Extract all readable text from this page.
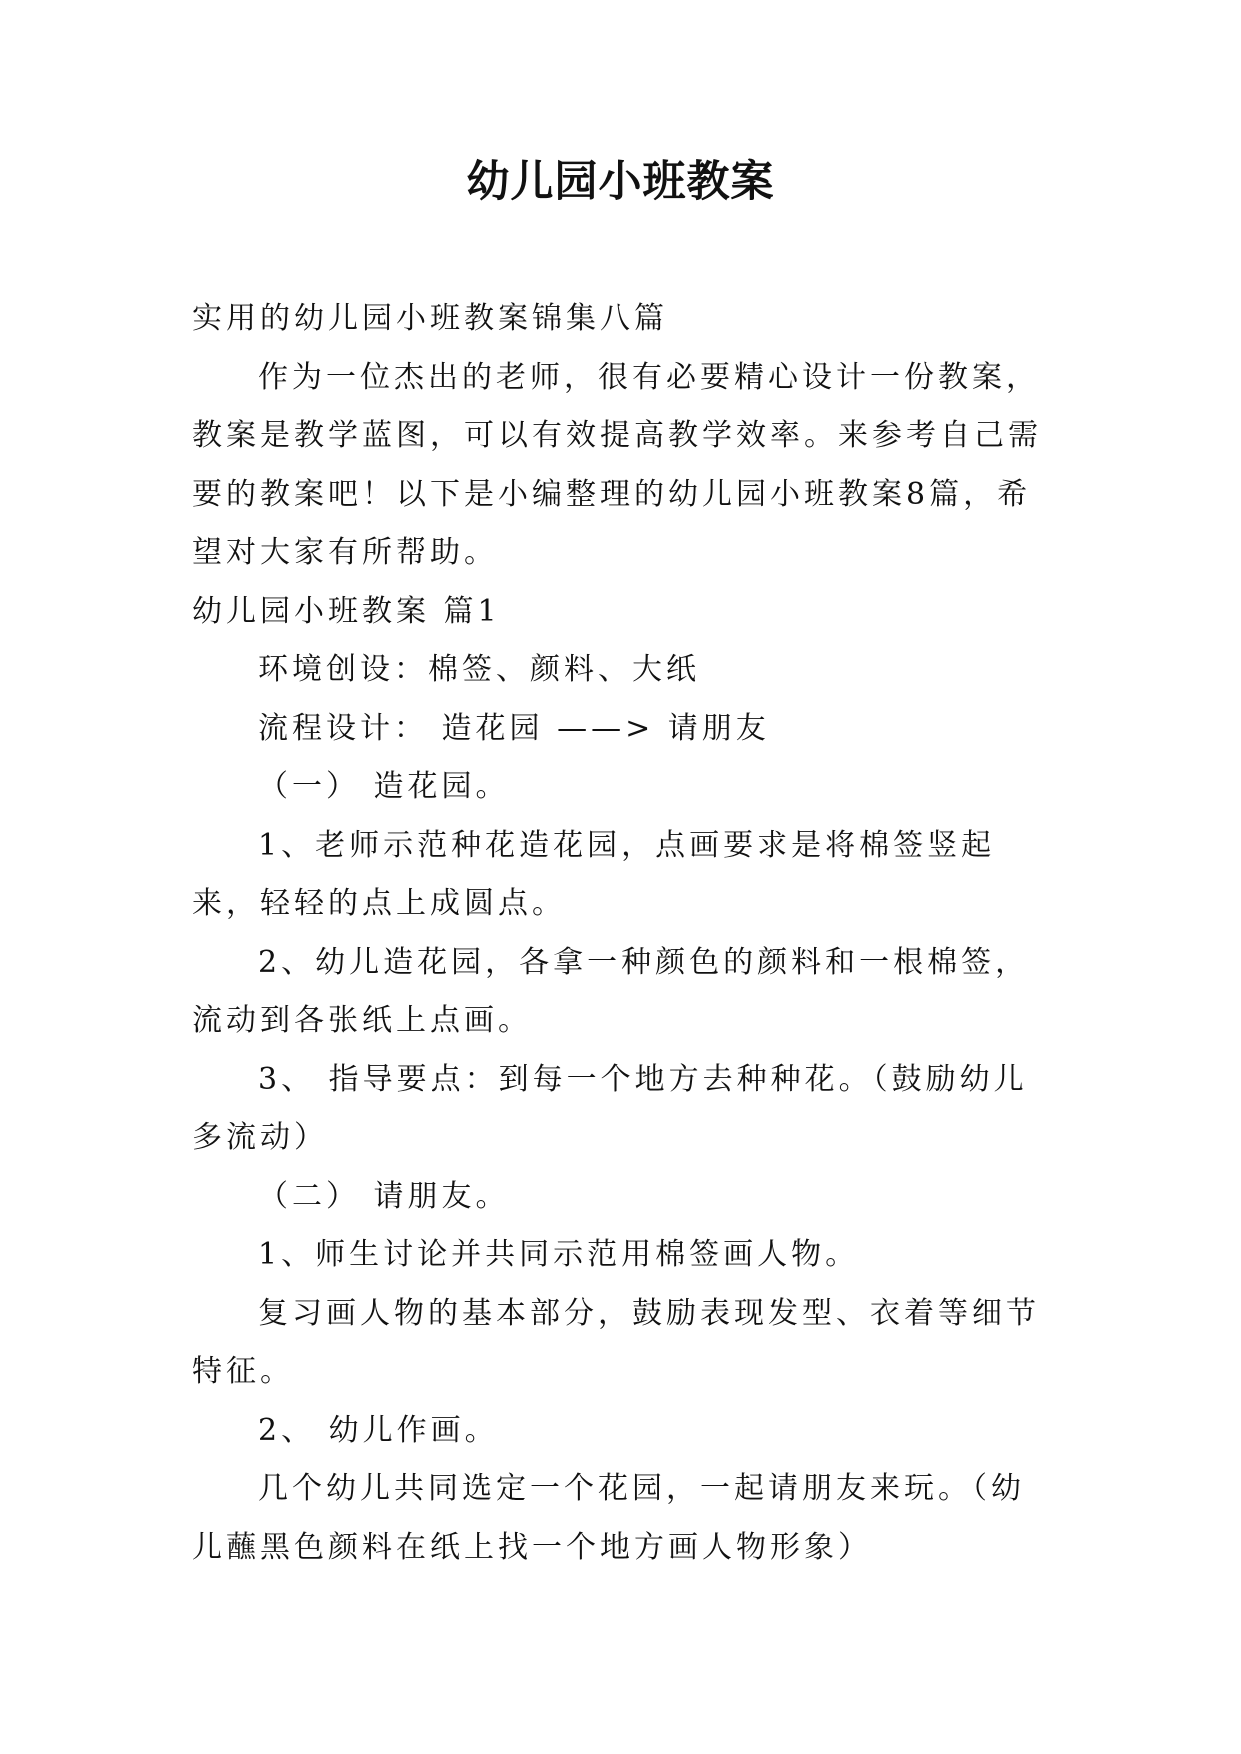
幼儿园小班教案

实用的幼儿园小班教案锦集八篇

作为一位杰出的老师，很有必要精心设计一份教案，教案是教学蓝图，可以有效提高教学效率。来参考自己需要的教案吧！以下是小编整理的幼儿园小班教案8篇，希望对大家有所帮助。

幼儿园小班教案 篇1

环境创设：棉签、颜料、大纸

流程设计： 造花园 ——> 请朋友

（一） 造花园。

1、老师示范种花造花园，点画要求是将棉签竖起来，轻轻的点上成圆点。

2、幼儿造花园，各拿一种颜色的颜料和一根棉签，流动到各张纸上点画。

3、 指导要点：到每一个地方去种种花。（鼓励幼儿多流动）

（二） 请朋友。

1、师生讨论并共同示范用棉签画人物。

复习画人物的基本部分，鼓励表现发型、衣着等细节特征。

2、 幼儿作画。

几个幼儿共同选定一个花园，一起请朋友来玩。（幼儿蘸黑色颜料在纸上找一个地方画人物形象）
